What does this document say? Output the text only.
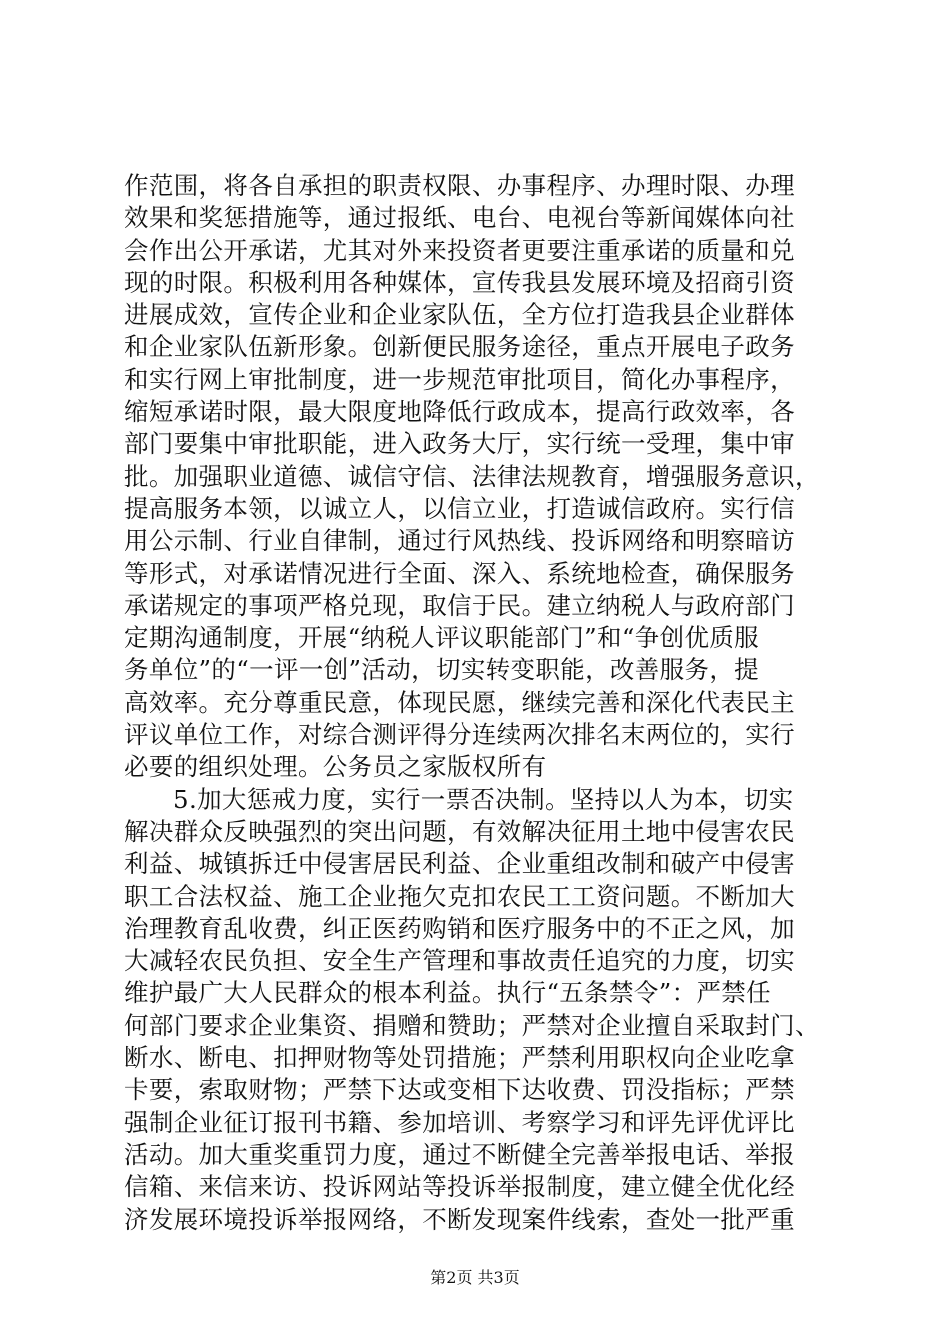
作范围，将各自承担的职责权限、办事程序、办理时限、办理
效果和奖惩措施等，通过报纸、电台、电视台等新闻媒体向社
会作出公开承诺，尤其对外来投资者更要注重承诺的质量和兑
现的时限。积极利用各种媒体，宣传我县发展环境及招商引资
进展成效，宣传企业和企业家队伍，全方位打造我县企业群体
和企业家队伍新形象。创新便民服务途径，重点开展电子政务
和实行网上审批制度，进一步规范审批项目，简化办事程序，
缩短承诺时限，最大限度地降低行政成本，提高行政效率，各
部门要集中审批职能，进入政务大厅，实行统一受理，集中审
批。加强职业道德、诚信守信、法律法规教育，增强服务意识，
提高服务本领，以诚立人，以信立业，打造诚信政府。实行信
用公示制、行业自律制，通过行风热线、投诉网络和明察暗访
等形式，对承诺情况进行全面、深入、系统地检查，确保服务
承诺规定的事项严格兑现，取信于民。建立纳税人与政府部门
定期沟通制度，开展“纳税人评议职能部门”和“争创优质服
务单位”的“一评一创”活动，切实转变职能，改善服务，提
高效率。充分尊重民意，体现民愿，继续完善和深化代表民主
评议单位工作，对综合测评得分连续两次排名末两位的，实行
必要的组织处理。公务员之家版权所有
5.加大惩戒力度，实行一票否决制。坚持以人为本，切实
解决群众反映强烈的突出问题，有效解决征用土地中侵害农民
利益、城镇拆迁中侵害居民利益、企业重组改制和破产中侵害
职工合法权益、施工企业拖欠克扣农民工工资问题。不断加大
治理教育乱收费，纠正医药购销和医疗服务中的不正之风，加
大减轻农民负担、安全生产管理和事故责任追究的力度，切实
维护最广大人民群众的根本利益。执行“五条禁令”：严禁任
何部门要求企业集资、捐赠和赞助；严禁对企业擅自采取封门、
断水、断电、扣押财物等处罚措施；严禁利用职权向企业吃拿
卡要，索取财物；严禁下达或变相下达收费、罚没指标；严禁
强制企业征订报刊书籍、参加培训、考察学习和评先评优评比
活动。加大重奖重罚力度，通过不断健全完善举报电话、举报
信箱、来信来访、投诉网站等投诉举报制度，建立健全优化经
济发展环境投诉举报网络，不断发现案件线索，查处一批严重
第2页 共3页
